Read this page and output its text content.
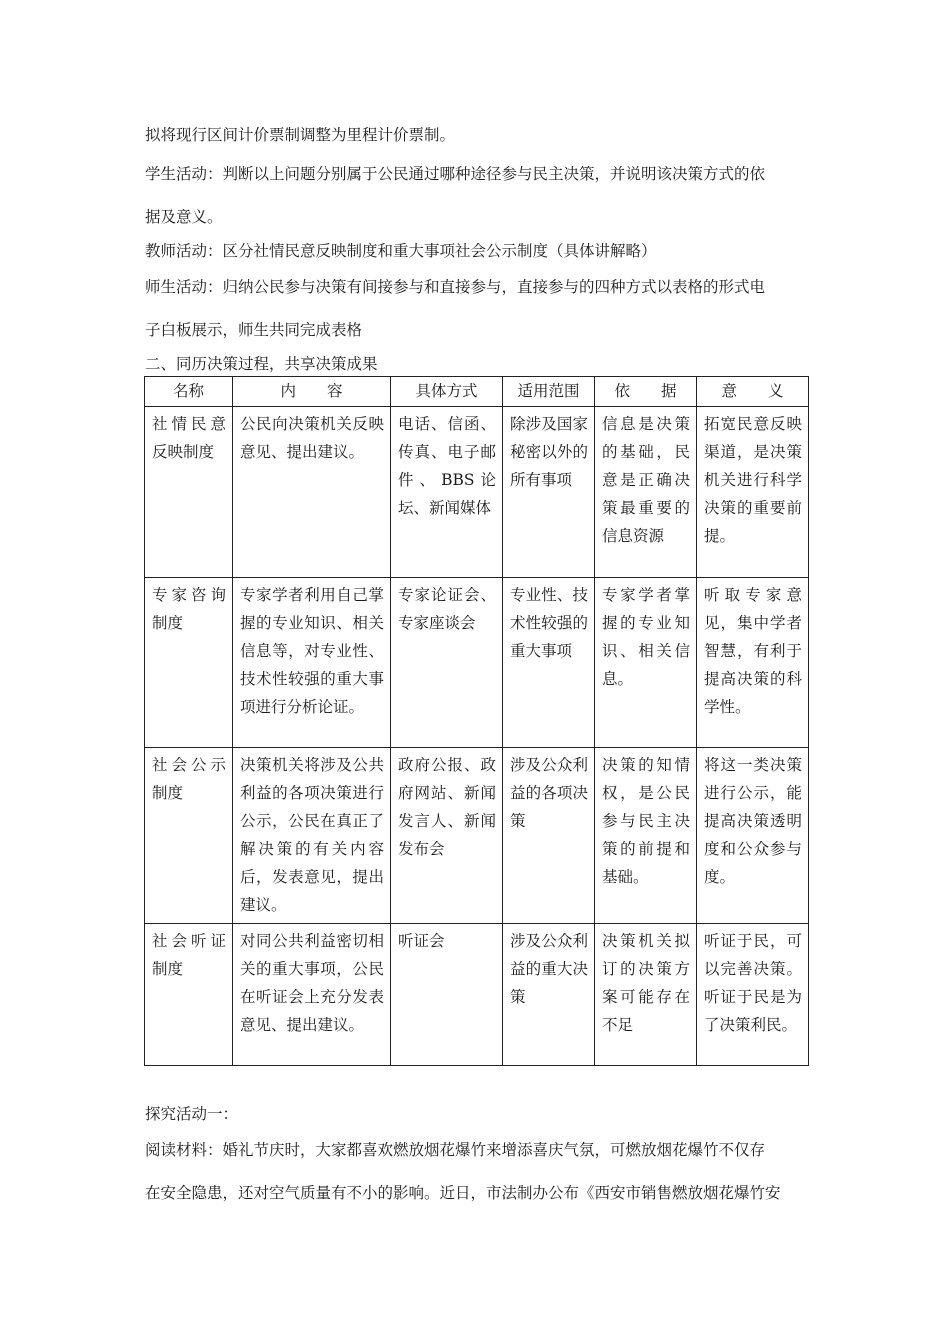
拟将现行区间计价票制调整为里程计价票制。
学生活动：判断以上问题分别属于公民通过哪种途径参与民主决策，并说明该决策方式的依
据及意义。
教师活动：区分社情民意反映制度和重大事项社会公示制度（具体讲解略）
师生活动：归纳公民参与决策有间接参与和直接参与，直接参与的四种方式以表格的形式电
子白板展示，师生共同完成表格
二、同历决策过程，共享决策成果
名称	内　　容	具体方式	适用范围	依　　据	意　　义
社情民意反映制度	公民向决策机关反映意见、提出建议。	电话、信函、传真、电子邮件、BBS论坛、新闻媒体	除涉及国家秘密以外的所有事项	信息是决策的基础，民意是正确决策最重要的信息资源	拓宽民意反映渠道，是决策机关进行科学决策的重要前提。
专家咨询制度	专家学者利用自己掌握的专业知识、相关信息等，对专业性、技术性较强的重大事项进行分析论证。	专家论证会、专家座谈会	专业性、技术性较强的重大事项	专家学者掌握的专业知识、相关信息。	听取专家意见，集中学者智慧，有利于提高决策的科学性。
社会公示制度	决策机关将涉及公共利益的各项决策进行公示，公民在真正了解决策的有关内容后，发表意见，提出建议。	政府公报、政府网站、新闻发言人、新闻发布会	涉及公众利益的各项决策	决策的知情权，是公民参与民主决策的前提和基础。	将这一类决策进行公示，能提高决策透明度和公众参与度。
社会听证制度	对同公共利益密切相关的重大事项，公民在听证会上充分发表意见、提出建议。	听证会	涉及公众利益的重大决策	决策机关拟订的决策方案可能存在不足	听证于民，可以完善决策。听证于民是为了决策利民。
探究活动一：
阅读材料：婚礼节庆时，大家都喜欢燃放烟花爆竹来增添喜庆气氛，可燃放烟花爆竹不仅存
在安全隐患，还对空气质量有不小的影响。近日，市法制办公布《西安市销售燃放烟花爆竹安
